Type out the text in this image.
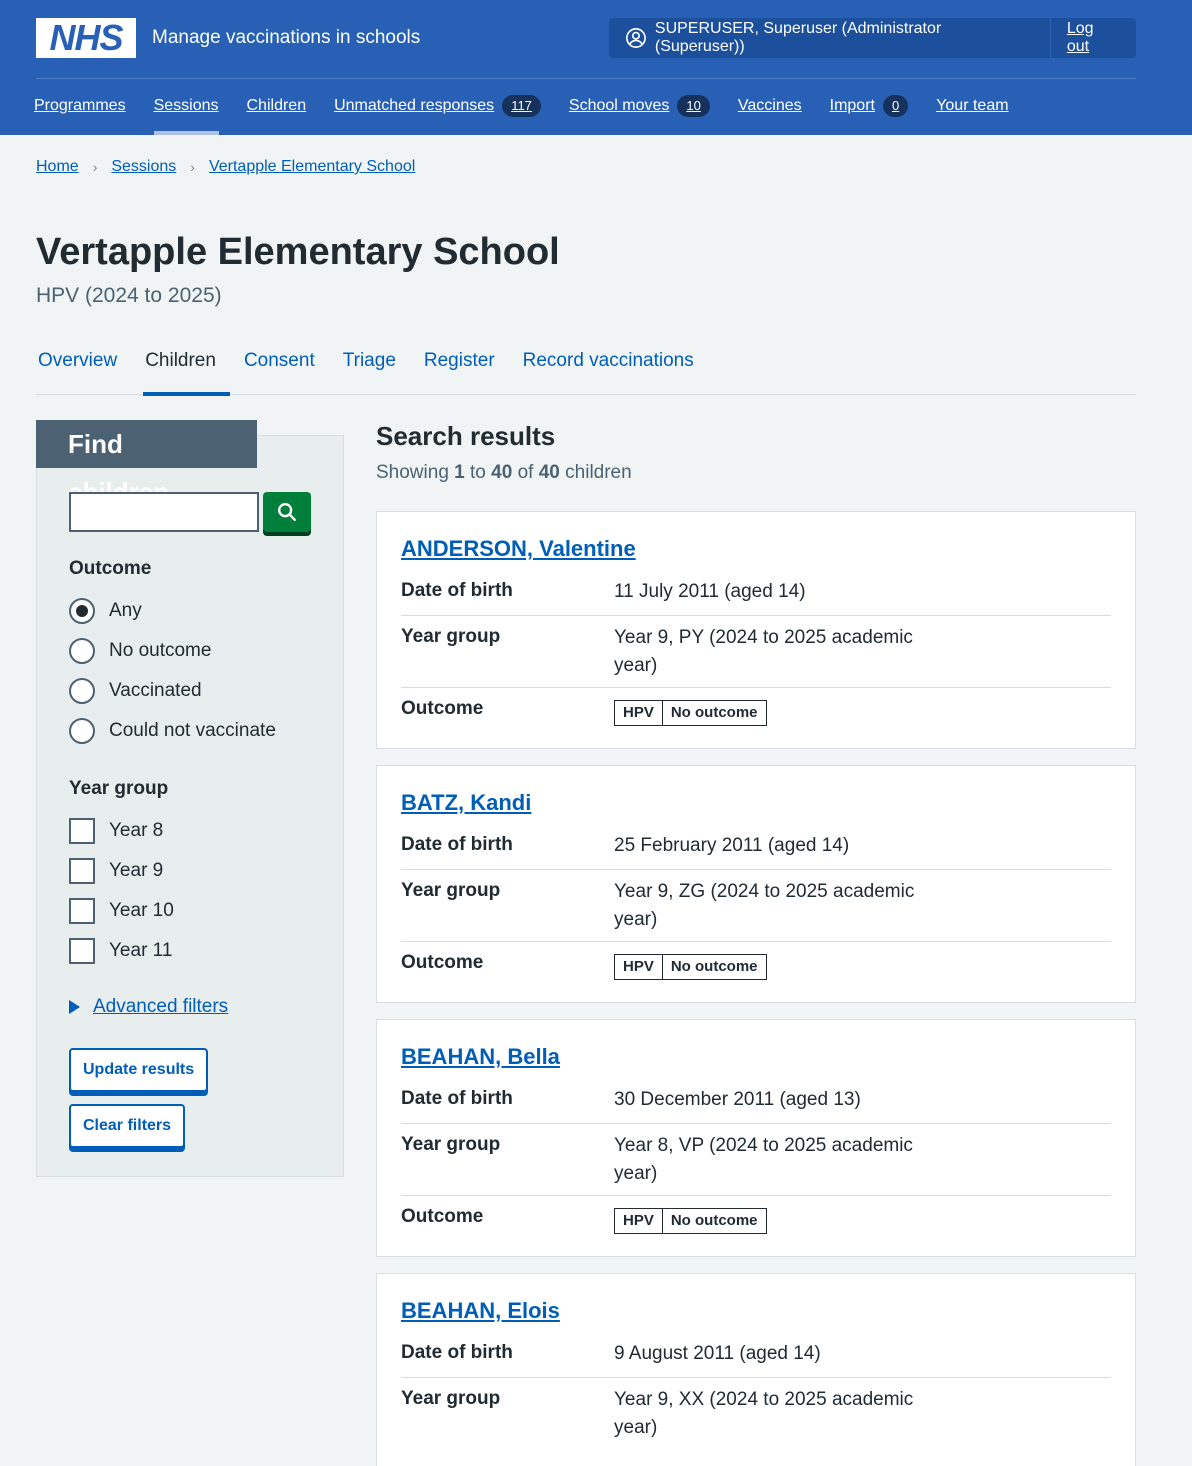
NHS	Manage vaccinations in schools	SUPERUSER, Superuser (Administrator (Superuser))
Log out
Programmes Sessions Children Unmatched responses	117	School moves	10	Vaccines Import	0	Your team
Home › Sessions › Vertapple Elementary School
Vertapple Elementary School
HPV (2024 to 2025)
Overview	Children	Consent	Triage	Register	Record vaccinations
Find
Outcome
Any
No outcome
Vaccinated
Could not vaccinate
Year group
Year 8
Year 9
Year 10
Year 11
Advanced filters
Update results
Clear filters
Search results

Showing 1 to 40 of 40 children

ANDERSON, Valentine
Date of birth	11 July 2011 (aged 14)
Year group	Year 9, PY (2024 to 2025 academic year)
Outcome	HPV	No outcome
BATZ, Kandi
Date of birth	25 February 2011 (aged 14)
Year group	Year 9, ZG (2024 to 2025 academic year)
Outcome	HPV	No outcome
BEAHAN, Bella
Date of birth	30 December 2011 (aged 13)
Year group	Year 8, VP (2024 to 2025 academic year)
Outcome	HPV	No outcome
BEAHAN, Elois
Date of birth	9 August 2011 (aged 14)
Year group	Year 9, XX (2024 to 2025 academic year)
